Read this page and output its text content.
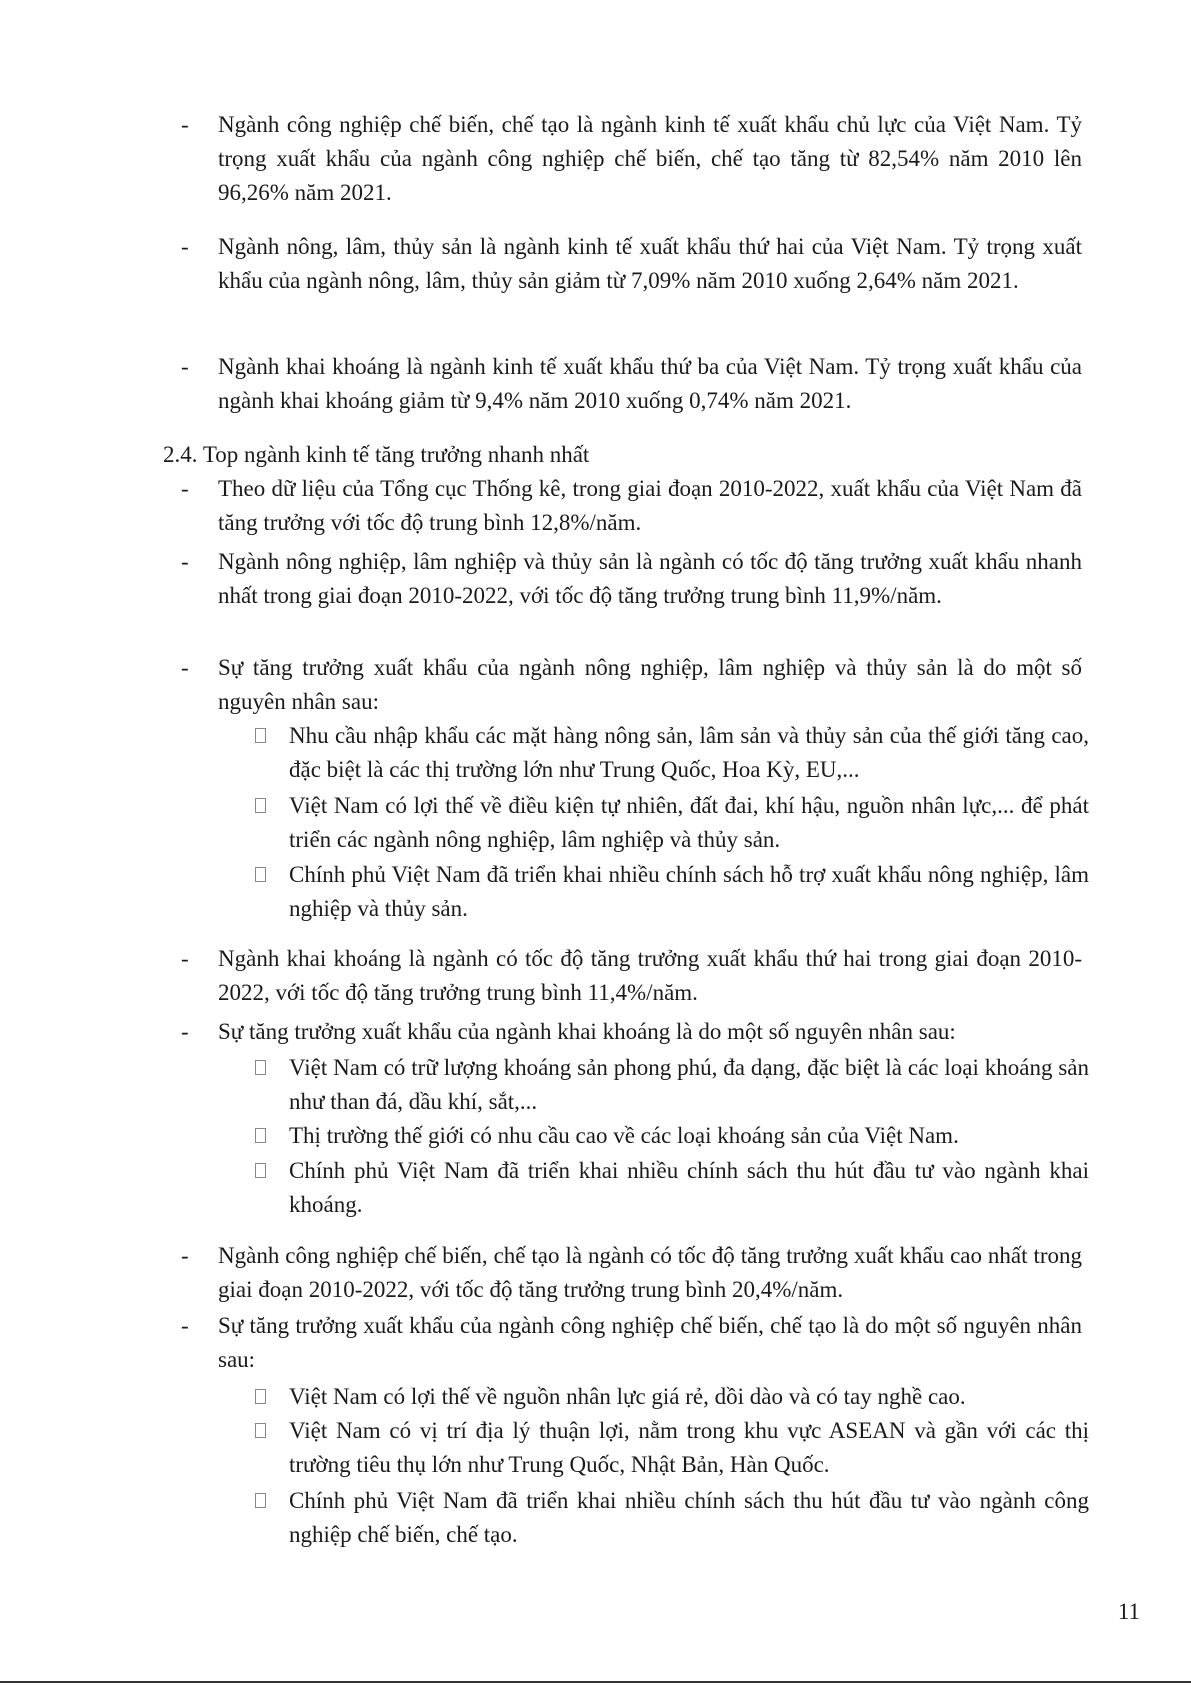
- Ngành công nghiệp chế biến, chế tạo là ngành kinh tế xuất khẩu chủ lực của Việt Nam. Tỷ trọng xuất khẩu của ngành công nghiệp chế biến, chế tạo tăng từ 82,54% năm 2010 lên 96,26% năm 2021.
- Ngành nông, lâm, thủy sản là ngành kinh tế xuất khẩu thứ hai của Việt Nam. Tỷ trọng xuất khẩu của ngành nông, lâm, thủy sản giảm từ 7,09% năm 2010 xuống 2,64% năm 2021.
- Ngành khai khoáng là ngành kinh tế xuất khẩu thứ ba của Việt Nam. Tỷ trọng xuất khẩu của ngành khai khoáng giảm từ 9,4% năm 2010 xuống 0,74% năm 2021.
2.4. Top ngành kinh tế tăng trưởng nhanh nhất
- Theo dữ liệu của Tổng cục Thống kê, trong giai đoạn 2010-2022, xuất khẩu của Việt Nam đã tăng trưởng với tốc độ trung bình 12,8%/năm.
- Ngành nông nghiệp, lâm nghiệp và thủy sản là ngành có tốc độ tăng trưởng xuất khẩu nhanh nhất trong giai đoạn 2010-2022, với tốc độ tăng trưởng trung bình 11,9%/năm.
- Sự tăng trưởng xuất khẩu của ngành nông nghiệp, lâm nghiệp và thủy sản là do một số nguyên nhân sau:
Nhu cầu nhập khẩu các mặt hàng nông sản, lâm sản và thủy sản của thế giới tăng cao, đặc biệt là các thị trường lớn như Trung Quốc, Hoa Kỳ, EU,...
Việt Nam có lợi thế về điều kiện tự nhiên, đất đai, khí hậu, nguồn nhân lực,... để phát triển các ngành nông nghiệp, lâm nghiệp và thủy sản.
Chính phủ Việt Nam đã triển khai nhiều chính sách hỗ trợ xuất khẩu nông nghiệp, lâm nghiệp và thủy sản.
- Ngành khai khoáng là ngành có tốc độ tăng trưởng xuất khẩu thứ hai trong giai đoạn 2010-2022, với tốc độ tăng trưởng trung bình 11,4%/năm.
- Sự tăng trưởng xuất khẩu của ngành khai khoáng là do một số nguyên nhân sau:
Việt Nam có trữ lượng khoáng sản phong phú, đa dạng, đặc biệt là các loại khoáng sản như than đá, dầu khí, sắt,...
Thị trường thế giới có nhu cầu cao về các loại khoáng sản của Việt Nam.
Chính phủ Việt Nam đã triển khai nhiều chính sách thu hút đầu tư vào ngành khai khoáng.
- Ngành công nghiệp chế biến, chế tạo là ngành có tốc độ tăng trưởng xuất khẩu cao nhất trong giai đoạn 2010-2022, với tốc độ tăng trưởng trung bình 20,4%/năm.
- Sự tăng trưởng xuất khẩu của ngành công nghiệp chế biến, chế tạo là do một số nguyên nhân sau:
Việt Nam có lợi thế về nguồn nhân lực giá rẻ, dồi dào và có tay nghề cao.
Việt Nam có vị trí địa lý thuận lợi, nằm trong khu vực ASEAN và gần với các thị trường tiêu thụ lớn như Trung Quốc, Nhật Bản, Hàn Quốc.
Chính phủ Việt Nam đã triển khai nhiều chính sách thu hút đầu tư vào ngành công nghiệp chế biến, chế tạo.
11
